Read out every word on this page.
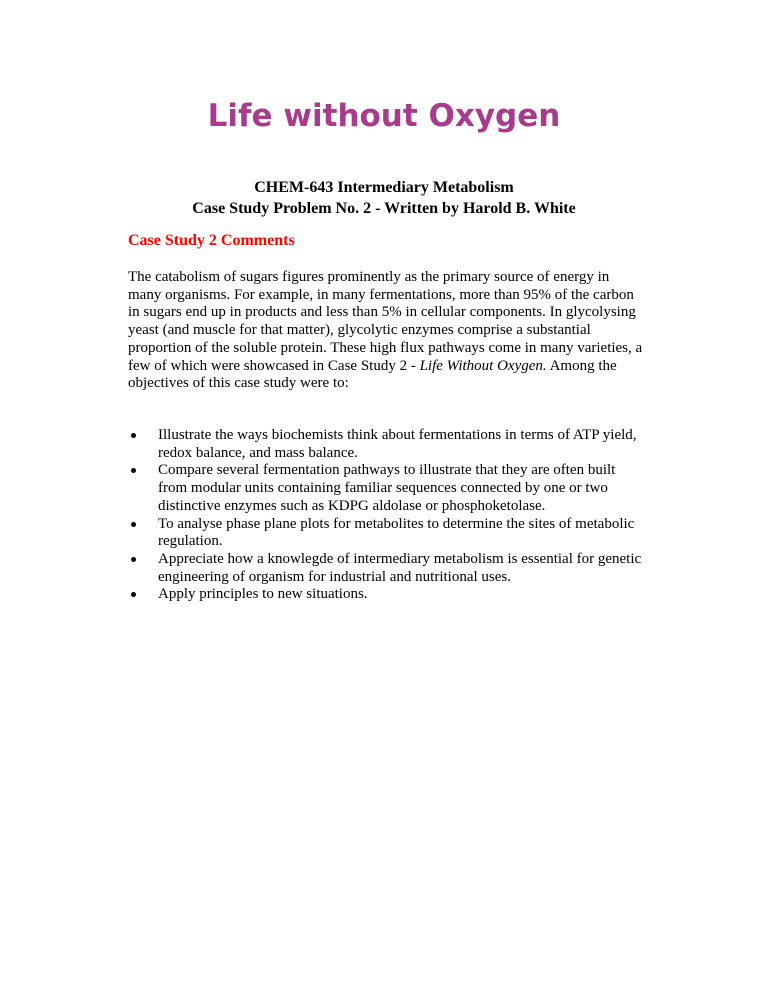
Life without Oxygen

CHEM-643 Intermediary Metabolism
Case Study Problem No. 2 - Written by Harold B. White

Case Study 2 Comments

The catabolism of sugars figures prominently as the primary source of energy in many organisms. For example, in many fermentations, more than 95% of the carbon in sugars end up in products and less than 5% in cellular components. In glycolysing yeast (and muscle for that matter), glycolytic enzymes comprise a substantial proportion of the soluble protein. These high flux pathways come in many varieties, a few of which were showcased in Case Study 2 - Life Without Oxygen. Among the objectives of this case study were to:

Illustrate the ways biochemists think about fermentations in terms of ATP yield, redox balance, and mass balance.
Compare several fermentation pathways to illustrate that they are often built from modular units containing familiar sequences connected by one or two distinctive enzymes such as KDPG aldolase or phosphoketolase.
To analyse phase plane plots for metabolites to determine the sites of metabolic regulation.
Appreciate how a knowlegde of intermediary metabolism is essential for genetic engineering of organism for industrial and nutritional uses.
Apply principles to new situations.
